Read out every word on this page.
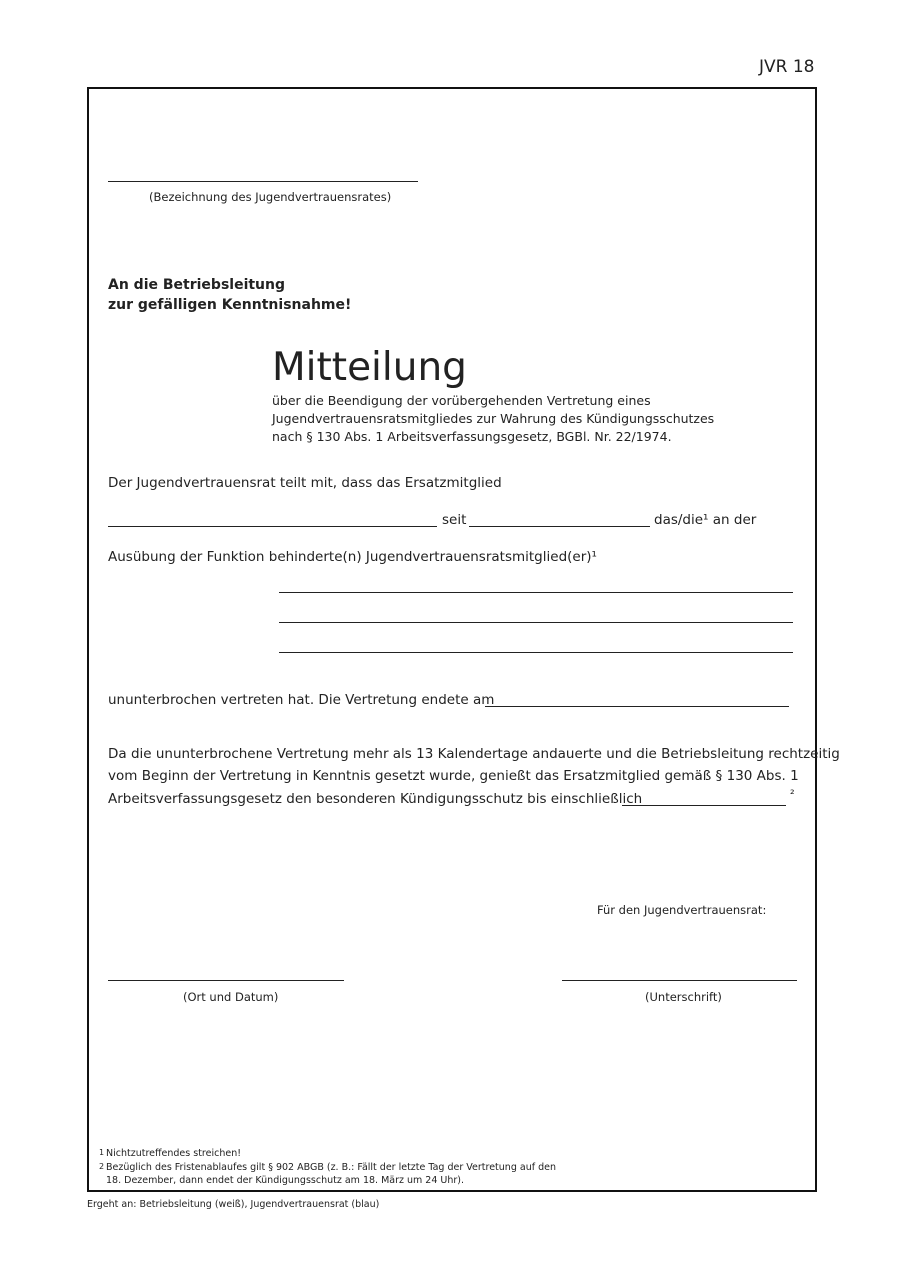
JVR 18
(Bezeichnung des Jugendvertrauensrates)
An die Betriebsleitung
zur gefälligen Kenntnisnahme!
Mitteilung
über die Beendigung der vorübergehenden Vertretung eines
Jugendvertrauensratsmitgliedes zur Wahrung des Kündigungsschutzes
nach § 130 Abs. 1 Arbeitsverfassungsgesetz, BGBl. Nr. 22/1974.
Der Jugendvertrauensrat teilt mit, dass das Ersatzmitglied
seit	das/die¹ an der
Ausübung der Funktion behinderte(n) Jugendvertrauensratsmitglied(er)¹
ununterbrochen vertreten hat. Die Vertretung endete am
Da die ununterbrochene Vertretung mehr als 13 Kalendertage andauerte und die Betriebsleitung rechtzeitig
vom Beginn der Vertretung in Kenntnis gesetzt wurde, genießt das Ersatzmitglied gemäß § 130 Abs. 1
Arbeitsverfassungsgesetz den besonderen Kündigungsschutz bis einschließlich	²
Für den Jugendvertrauensrat:
(Ort und Datum)	(Unterschrift)
1 Nichtzutreffendes streichen!
2 Bezüglich des Fristenablaufes gilt § 902 ABGB (z. B.: Fällt der letzte Tag der Vertretung auf den
18. Dezember, dann endet der Kündigungsschutz am 18. März um 24 Uhr).
Ergeht an: Betriebsleitung (weiß), Jugendvertrauensrat (blau)
